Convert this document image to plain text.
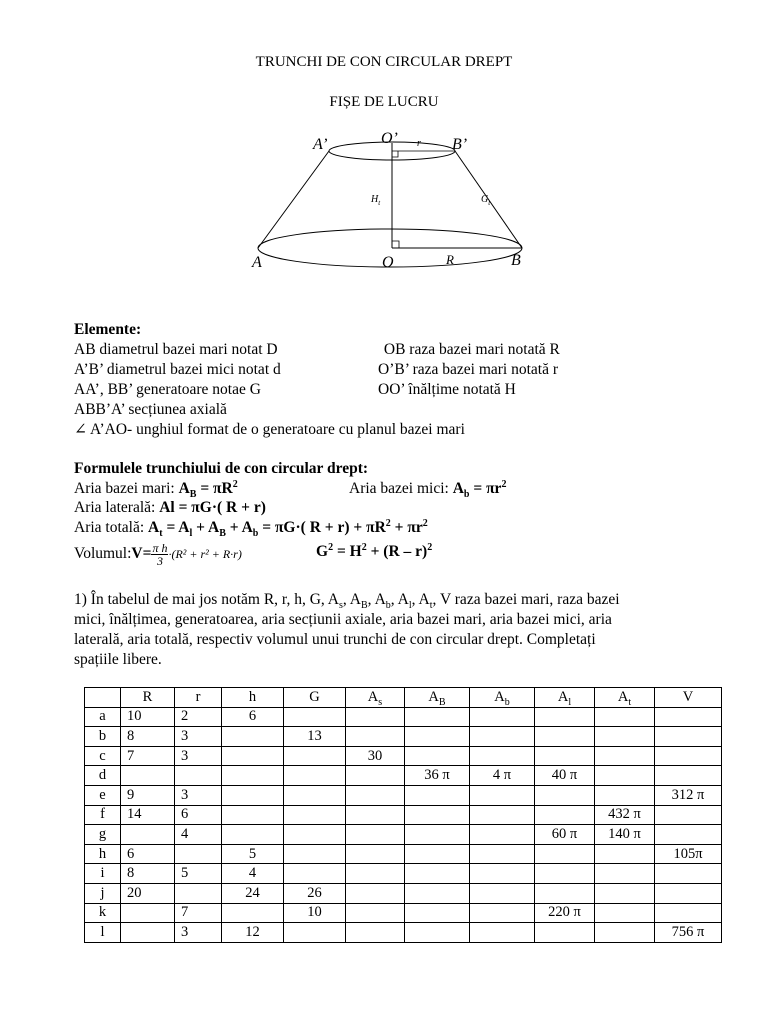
TRUNCHI DE CON CIRCULAR DREPT
FIȘE DE LUCRU
A’	O’	B’
r
$H_t$	$G_t$
A	O	R	B
Elemente:
AB diametrul bazei mari notat D
A’B’ diametrul bazei mici notat d
AA’, BB’ generatoare notae G
ABB’A’ secțiunea axială
∠ A’AO- unghiul format de o generatoare cu planul bazei mari
OB raza bazei mari notată R
O’B’ raza bazei mari notată r
OO’ înălțime notată H
Formulele trunchiului de con circular drept:
Aria bazei mari: $A_B = \pi R^2$	Aria bazei mici: $A_b = \pi r^2$
Aria laterală: Al = πG·( R + r)
Aria totală: $A_t = A_l + A_B + A_b = \pi G\cdot$( $R + r) + \pi R^2 + \pi r^2$
Volumul: $V= \frac{\text{π h}}{3} \cdot(R^2 + r^2 + R\cdot r)$	$G^2 = H^2 + (R - r)^2$
1) În tabelul de mai jos notăm R, r, h, G, $A_s$, $A_B$, $A_b$, $A_l$, $A_t$, V raza bazei mari, raza bazei
mici, înălțimea, generatoarea, aria secțiunii axiale, aria bazei mari, aria bazei mici, aria
laterală, aria totală, respectiv volumul unui trunchi de con circular drept. Completați
spațiile libere.
	R	r	h	G	$A_s$	$A_B$	$A_b$	$A_l$	$A_t$	V
a	10	2	6							
b	8	3		13						
c	7	3			30					
d						36 π	4 π	40 π		
e	9	3								312 π
f	14	6							432 π	
g		4						60 π	140 π	
h	6		5							105π
i	8	5	4							
j	20		24	26						
k		7		10				220 π		
l		3	12							756 π
